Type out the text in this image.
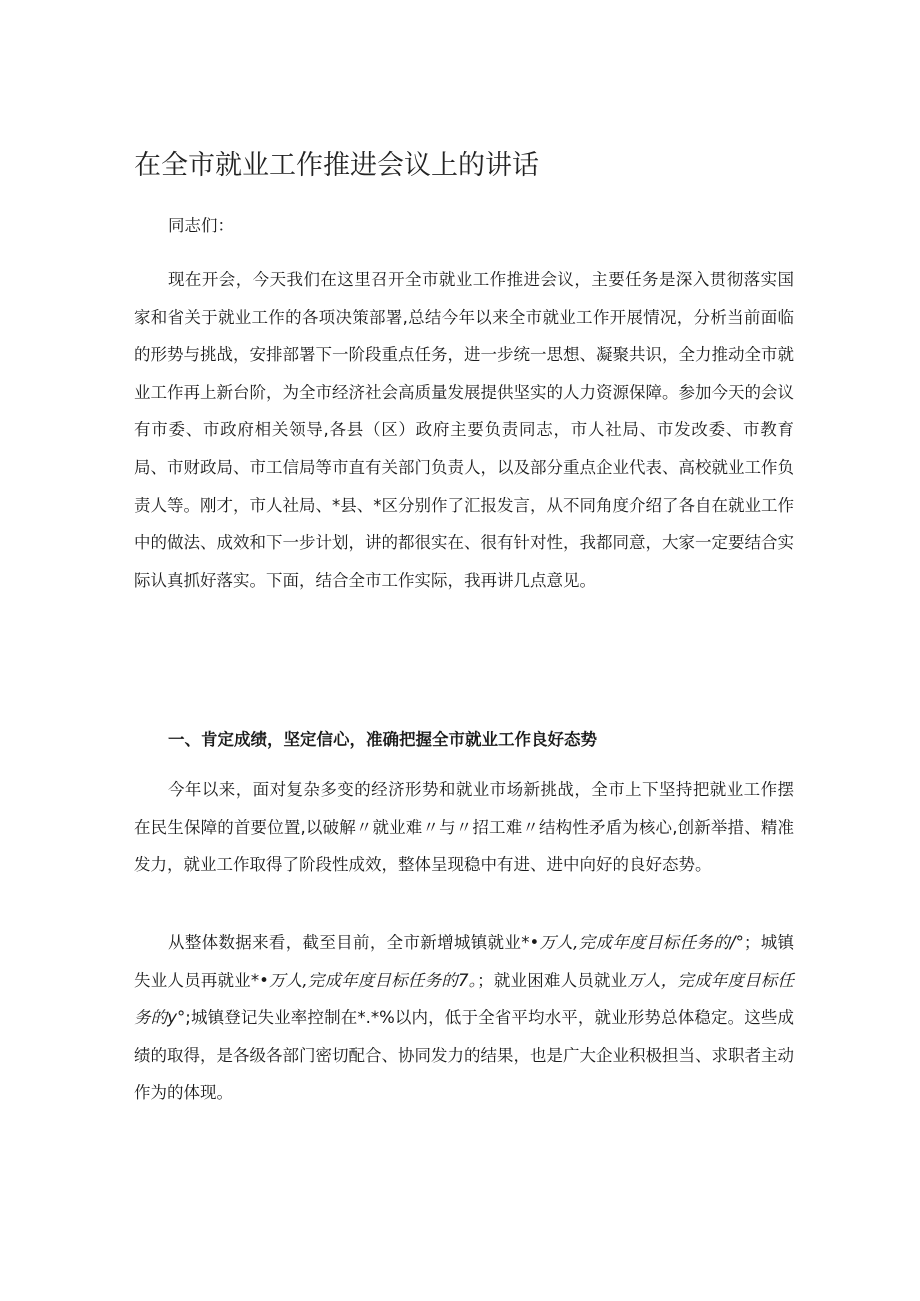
在全市就业工作推进会议上的讲话

同志们：

现在开会，今天我们在这里召开全市就业工作推进会议，主要任务是深入贯彻落实国家和省关于就业工作的各项决策部署,总结今年以来全市就业工作开展情况，分析当前面临的形势与挑战，安排部署下一阶段重点任务，进一步统一思想、凝聚共识，全力推动全市就业工作再上新台阶，为全市经济社会高质量发展提供坚实的人力资源保障。参加今天的会议有市委、市政府相关领导,各县（区）政府主要负责同志，市人社局、市发改委、市教育局、市财政局、市工信局等市直有关部门负责人，以及部分重点企业代表、高校就业工作负责人等。刚才，市人社局、*县、*区分别作了汇报发言，从不同角度介绍了各自在就业工作中的做法、成效和下一步计划，讲的都很实在、很有针对性，我都同意，大家一定要结合实际认真抓好落实。下面，结合全市工作实际，我再讲几点意见。

一、肯定成绩，坚定信心，准确把握全市就业工作良好态势

今年以来，面对复杂多变的经济形势和就业市场新挑战，全市上下坚持把就业工作摆在民生保障的首要位置,以破解〃就业难〃与〃招工难〃结构性矛盾为核心,创新举措、精准发力，就业工作取得了阶段性成效，整体呈现稳中有进、进中向好的良好态势。

从整体数据来看，截至目前，全市新增城镇就业*•万人,完成年度目标任务的/°；城镇失业人员再就业*•万人,完成年度目标任务的7。；就业困难人员就业万人，完成年度目标任务的y°;城镇登记失业率控制在*.*%以内，低于全省平均水平，就业形势总体稳定。这些成绩的取得，是各级各部门密切配合、协同发力的结果，也是广大企业积极担当、求职者主动作为的体现。
